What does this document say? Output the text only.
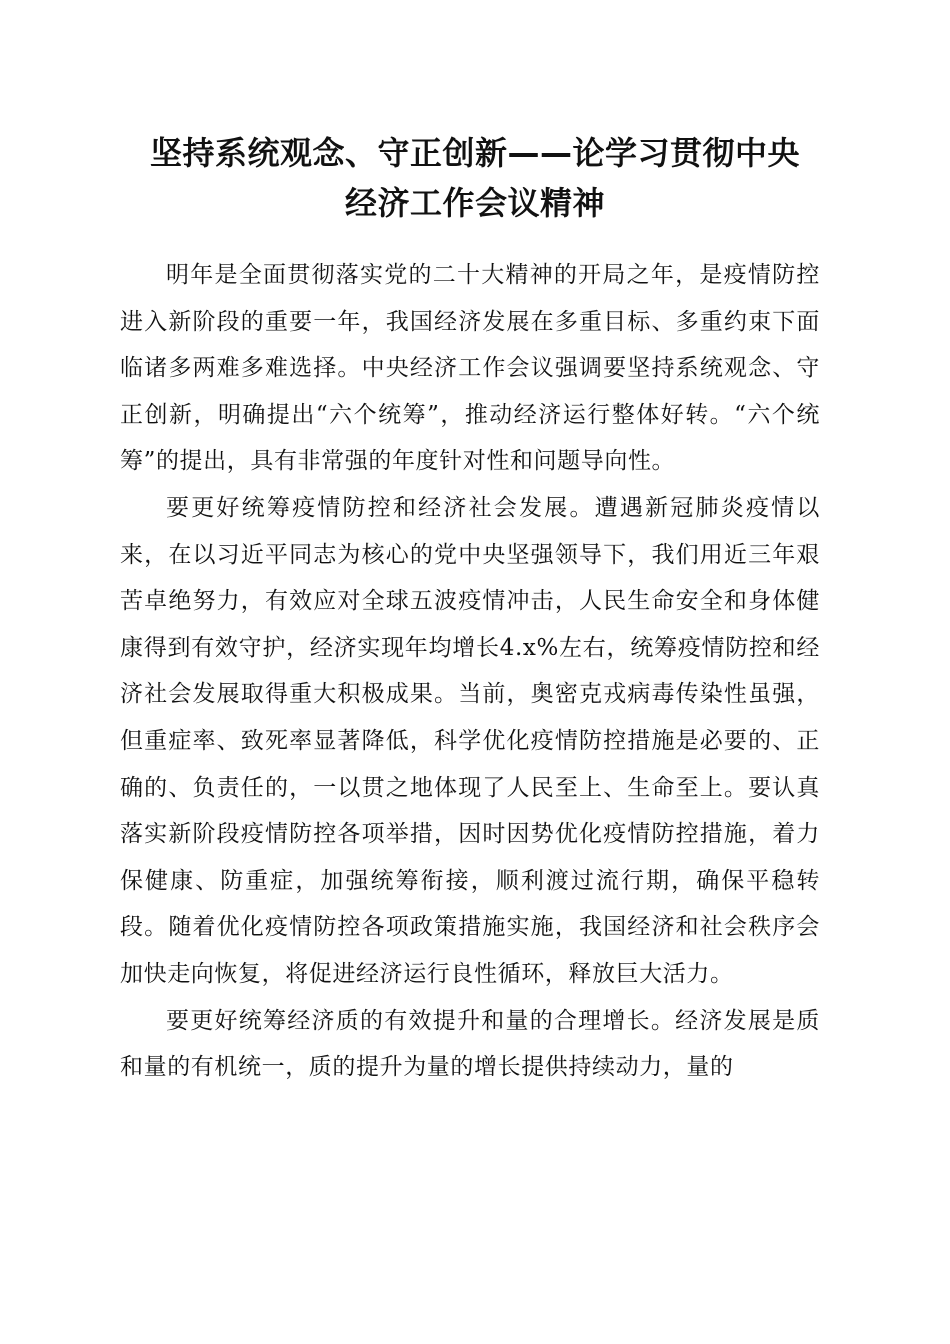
坚持系统观念、守正创新——论学习贯彻中央
经济工作会议精神

明年是全面贯彻落实党的二十大精神的开局之年，是疫情防控进入新阶段的重要一年，我国经济发展在多重目标、多重约束下面临诸多两难多难选择。中央经济工作会议强调要坚持系统观念、守正创新，明确提出“六个统筹”，推动经济运行整体好转。“六个统筹”的提出，具有非常强的年度针对性和问题导向性。

要更好统筹疫情防控和经济社会发展。遭遇新冠肺炎疫情以来，在以习近平同志为核心的党中央坚强领导下，我们用近三年艰苦卓绝努力，有效应对全球五波疫情冲击，人民生命安全和身体健康得到有效守护，经济实现年均增长4.x%左右，统筹疫情防控和经济社会发展取得重大积极成果。当前，奥密克戎病毒传染性虽强，但重症率、致死率显著降低，科学优化疫情防控措施是必要的、正确的、负责任的，一以贯之地体现了人民至上、生命至上。要认真落实新阶段疫情防控各项举措，因时因势优化疫情防控措施，着力保健康、防重症，加强统筹衔接，顺利渡过流行期，确保平稳转段。随着优化疫情防控各项政策措施实施，我国经济和社会秩序会加快走向恢复，将促进经济运行良性循环，释放巨大活力。

要更好统筹经济质的有效提升和量的合理增长。经济发展是质和量的有机统一，质的提升为量的增长提供持续动力，量的
